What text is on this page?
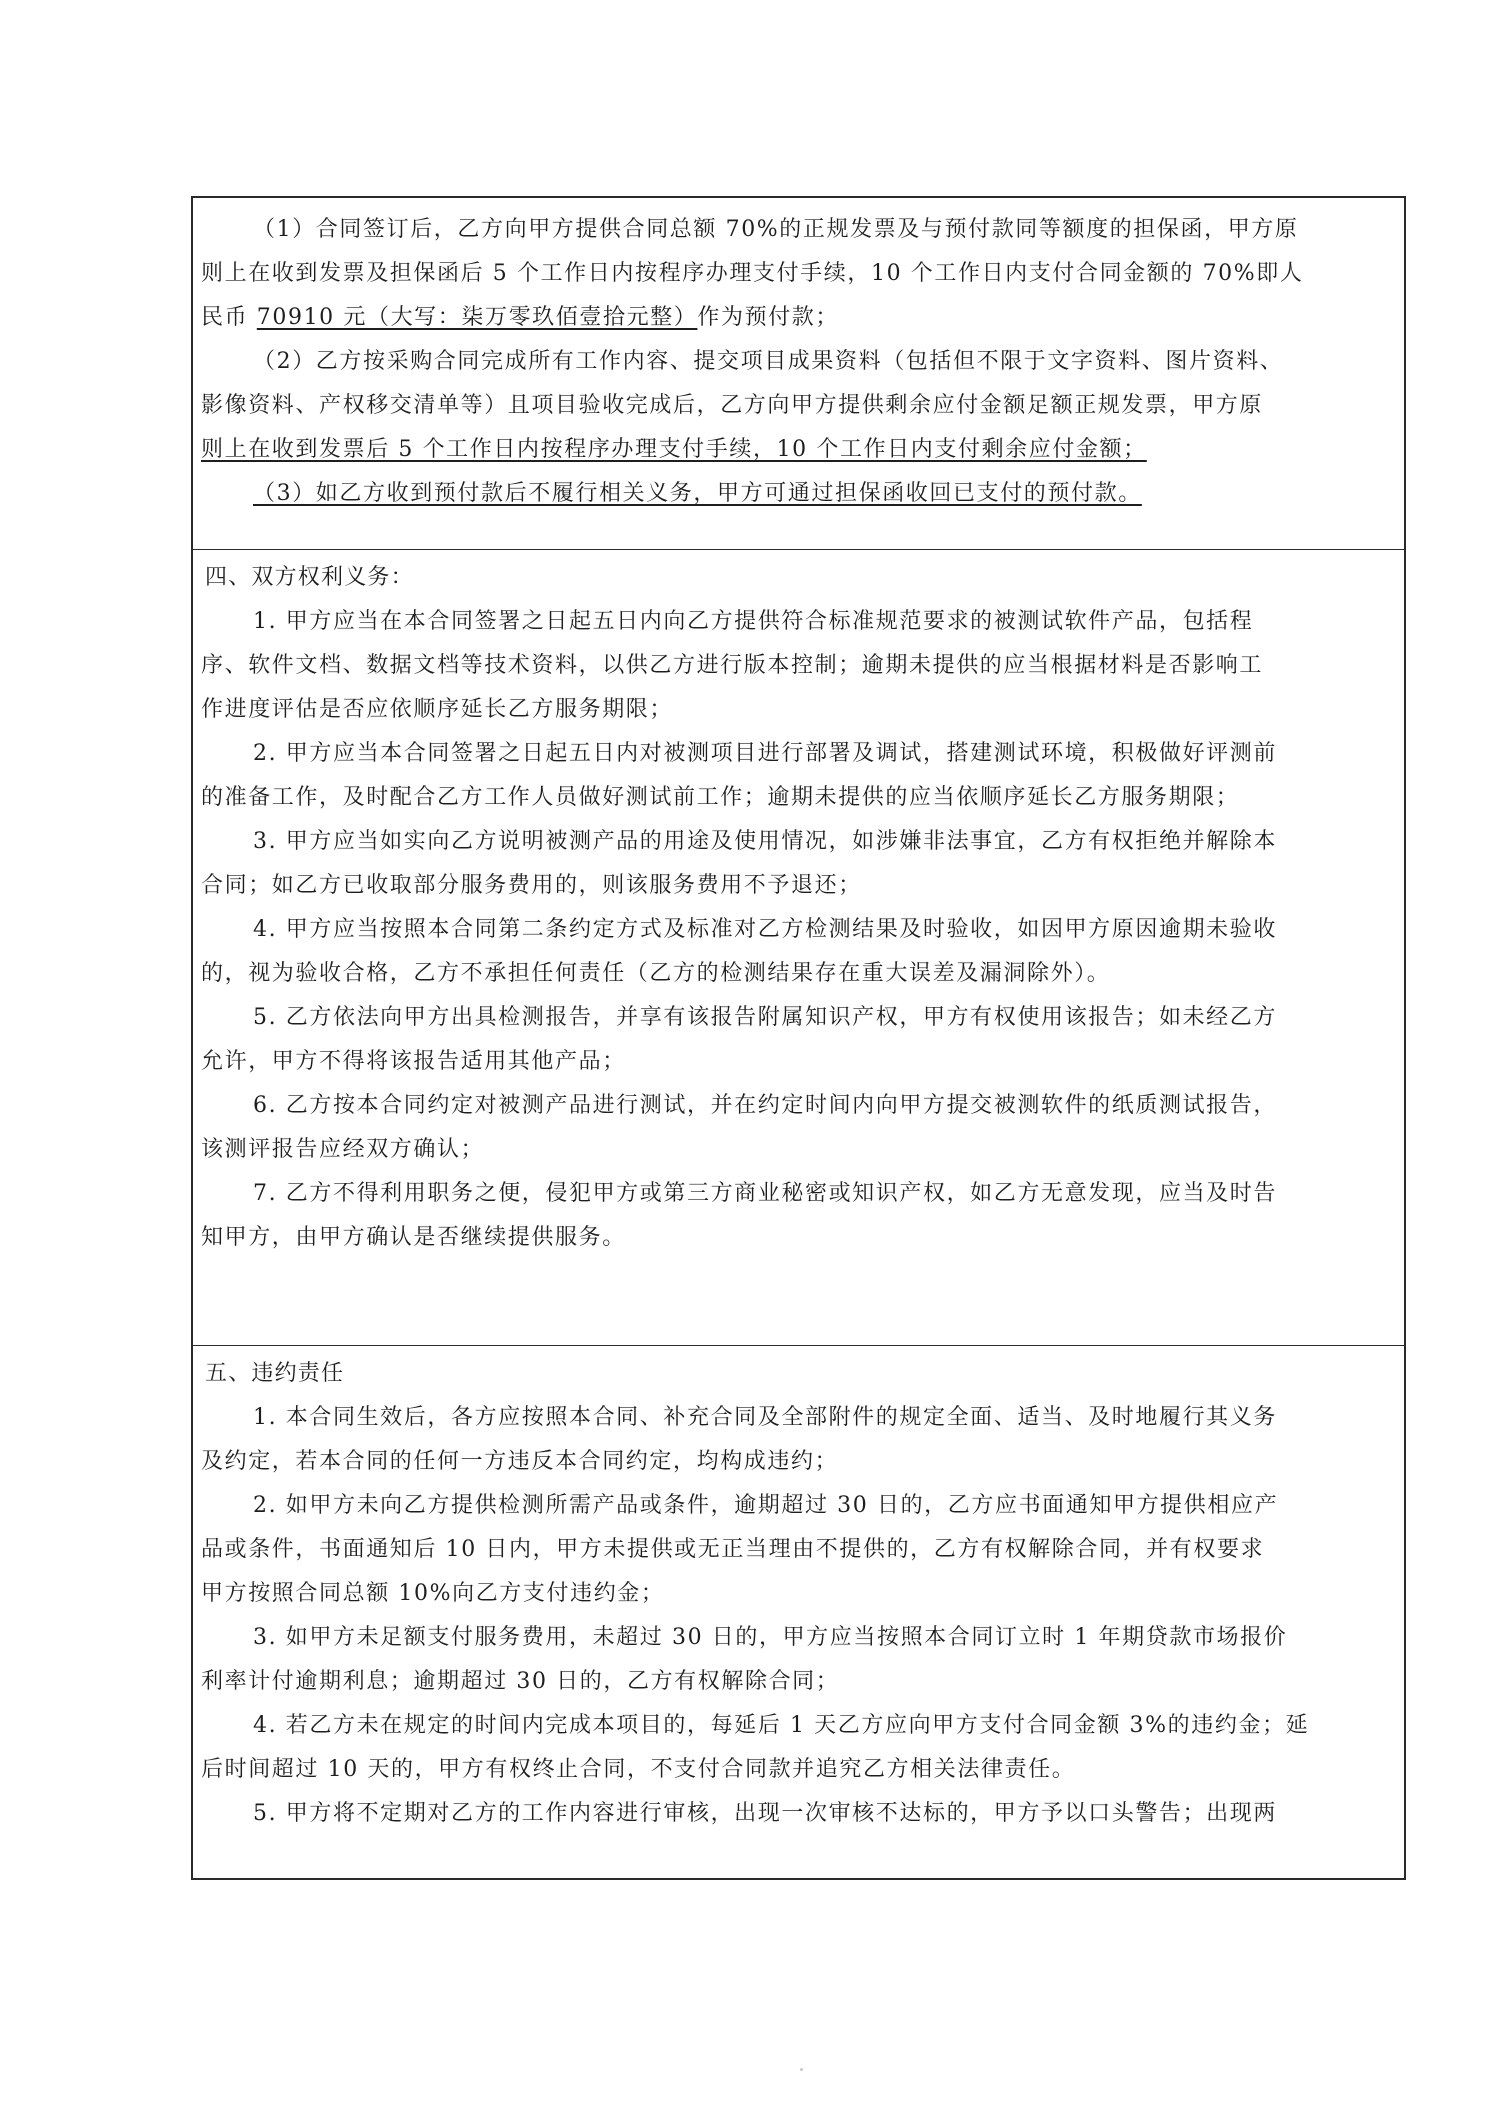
（1）合同签订后，乙方向甲方提供合同总额 70%的正规发票及与预付款同等额度的担保函，甲方原
则上在收到发票及担保函后 5 个工作日内按程序办理支付手续，10 个工作日内支付合同金额的 70%即人
民币 70910 元（大写：柒万零玖佰壹拾元整）作为预付款；
（2）乙方按采购合同完成所有工作内容、提交项目成果资料（包括但不限于文字资料、图片资料、
影像资料、产权移交清单等）且项目验收完成后，乙方向甲方提供剩余应付金额足额正规发票，甲方原
则上在收到发票后 5 个工作日内按程序办理支付手续，10 个工作日内支付剩余应付金额；
（3）如乙方收到预付款后不履行相关义务，甲方可通过担保函收回已支付的预付款。
四、双方权利义务：
1. 甲方应当在本合同签署之日起五日内向乙方提供符合标准规范要求的被测试软件产品，包括程
序、软件文档、数据文档等技术资料，以供乙方进行版本控制；逾期未提供的应当根据材料是否影响工
作进度评估是否应依顺序延长乙方服务期限；
2. 甲方应当本合同签署之日起五日内对被测项目进行部署及调试，搭建测试环境，积极做好评测前
的准备工作，及时配合乙方工作人员做好测试前工作；逾期未提供的应当依顺序延长乙方服务期限；
3. 甲方应当如实向乙方说明被测产品的用途及使用情况，如涉嫌非法事宜，乙方有权拒绝并解除本
合同；如乙方已收取部分服务费用的，则该服务费用不予退还；
4. 甲方应当按照本合同第二条约定方式及标准对乙方检测结果及时验收，如因甲方原因逾期未验收
的，视为验收合格，乙方不承担任何责任（乙方的检测结果存在重大误差及漏洞除外）。
5. 乙方依法向甲方出具检测报告，并享有该报告附属知识产权，甲方有权使用该报告；如未经乙方
允许，甲方不得将该报告适用其他产品；
6. 乙方按本合同约定对被测产品进行测试，并在约定时间内向甲方提交被测软件的纸质测试报告，
该测评报告应经双方确认；
7. 乙方不得利用职务之便，侵犯甲方或第三方商业秘密或知识产权，如乙方无意发现，应当及时告
知甲方，由甲方确认是否继续提供服务。
五、违约责任
1. 本合同生效后，各方应按照本合同、补充合同及全部附件的规定全面、适当、及时地履行其义务
及约定，若本合同的任何一方违反本合同约定，均构成违约；
2. 如甲方未向乙方提供检测所需产品或条件，逾期超过 30 日的，乙方应书面通知甲方提供相应产
品或条件，书面通知后 10 日内，甲方未提供或无正当理由不提供的，乙方有权解除合同，并有权要求
甲方按照合同总额 10%向乙方支付违约金；
3. 如甲方未足额支付服务费用，未超过 30 日的，甲方应当按照本合同订立时 1 年期贷款市场报价
利率计付逾期利息；逾期超过 30 日的，乙方有权解除合同；
4. 若乙方未在规定的时间内完成本项目的，每延后 1 天乙方应向甲方支付合同金额 3%的违约金；延
后时间超过 10 天的，甲方有权终止合同，不支付合同款并追究乙方相关法律责任。
5. 甲方将不定期对乙方的工作内容进行审核，出现一次审核不达标的，甲方予以口头警告；出现两
